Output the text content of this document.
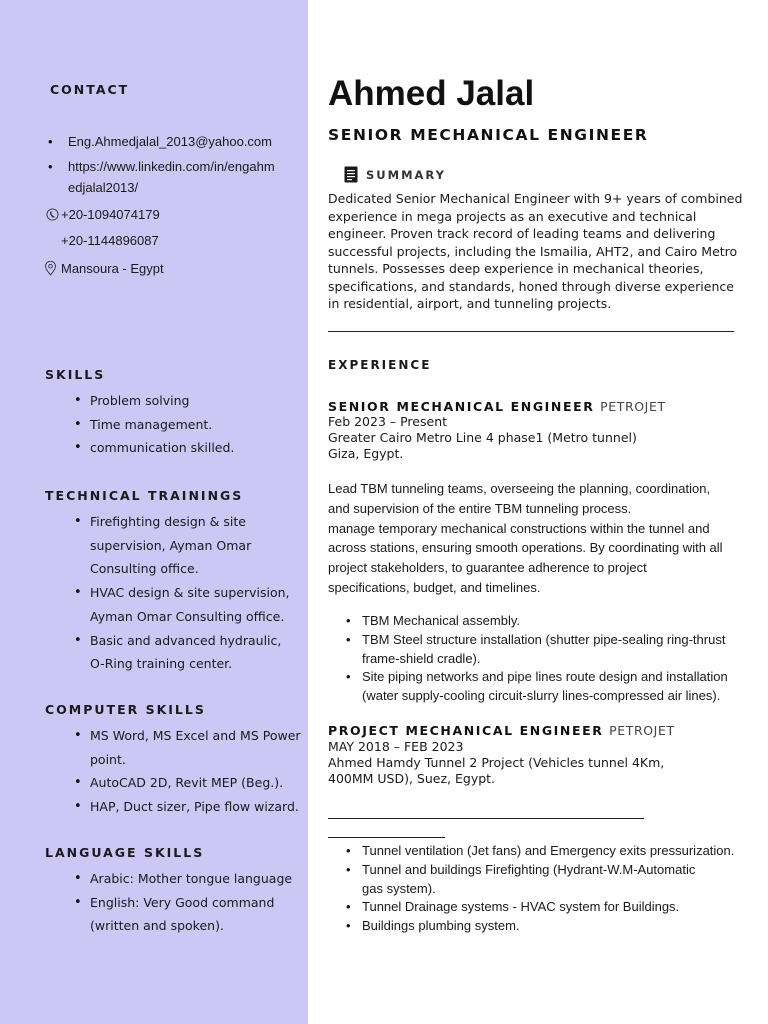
CONTACT
• Eng.Ahmedjalal_2013@yahoo.com
• https://www.linkedin.com/in/engahm
edjalal2013/
+20-1094074179
+20-1144896087
Mansoura - Egypt
SKILLS
• Problem solving
• Time management.
• communication skilled.
TECHNICAL TRAININGS
• Firefighting design & site
supervision, Ayman Omar
Consulting office.
• HVAC design & site supervision,
Ayman Omar Consulting office.
• Basic and advanced hydraulic,
O-Ring training center.
COMPUTER SKILLS
• MS Word, MS Excel and MS Power
point.
• AutoCAD 2D, Revit MEP (Beg.).
• HAP, Duct sizer, Pipe flow wizard.
LANGUAGE SKILLS
• Arabic: Mother tongue language
• English: Very Good command
(written and spoken).
Ahmed Jalal
SENIOR MECHANICAL ENGINEER
SUMMARY
Dedicated Senior Mechanical Engineer with 9+ years of combined
experience in mega projects as an executive and technical
engineer. Proven track record of leading teams and delivering
successful projects, including the Ismailia, AHT2, and Cairo Metro
tunnels. Possesses deep experience in mechanical theories,
specifications, and standards, honed through diverse experience
in residential, airport, and tunneling projects.
EXPERIENCE
SENIOR MECHANICAL ENGINEER PETROJET
Feb 2023 – Present
Greater Cairo Metro Line 4 phase1 (Metro tunnel)
Giza, Egypt.
Lead TBM tunneling teams, overseeing the planning, coordination,
and supervision of the entire TBM tunneling process.
manage temporary mechanical constructions within the tunnel and
across stations, ensuring smooth operations. By coordinating with all
project stakeholders, to guarantee adherence to project
specifications, budget, and timelines.
• TBM Mechanical assembly.
• TBM Steel structure installation (shutter pipe-sealing ring-thrust
frame-shield cradle).
• Site piping networks and pipe lines route design and installation
(water supply-cooling circuit-slurry lines-compressed air lines).
PROJECT MECHANICAL ENGINEER PETROJET
MAY 2018 – FEB 2023
Ahmed Hamdy Tunnel 2 Project (Vehicles tunnel 4Km,
400MM USD), Suez, Egypt.
• Tunnel ventilation (Jet fans) and Emergency exits pressurization.
• Tunnel and buildings Firefighting (Hydrant-W.M-Automatic
gas system).
• Tunnel Drainage systems - HVAC system for Buildings.
• Buildings plumbing system.
